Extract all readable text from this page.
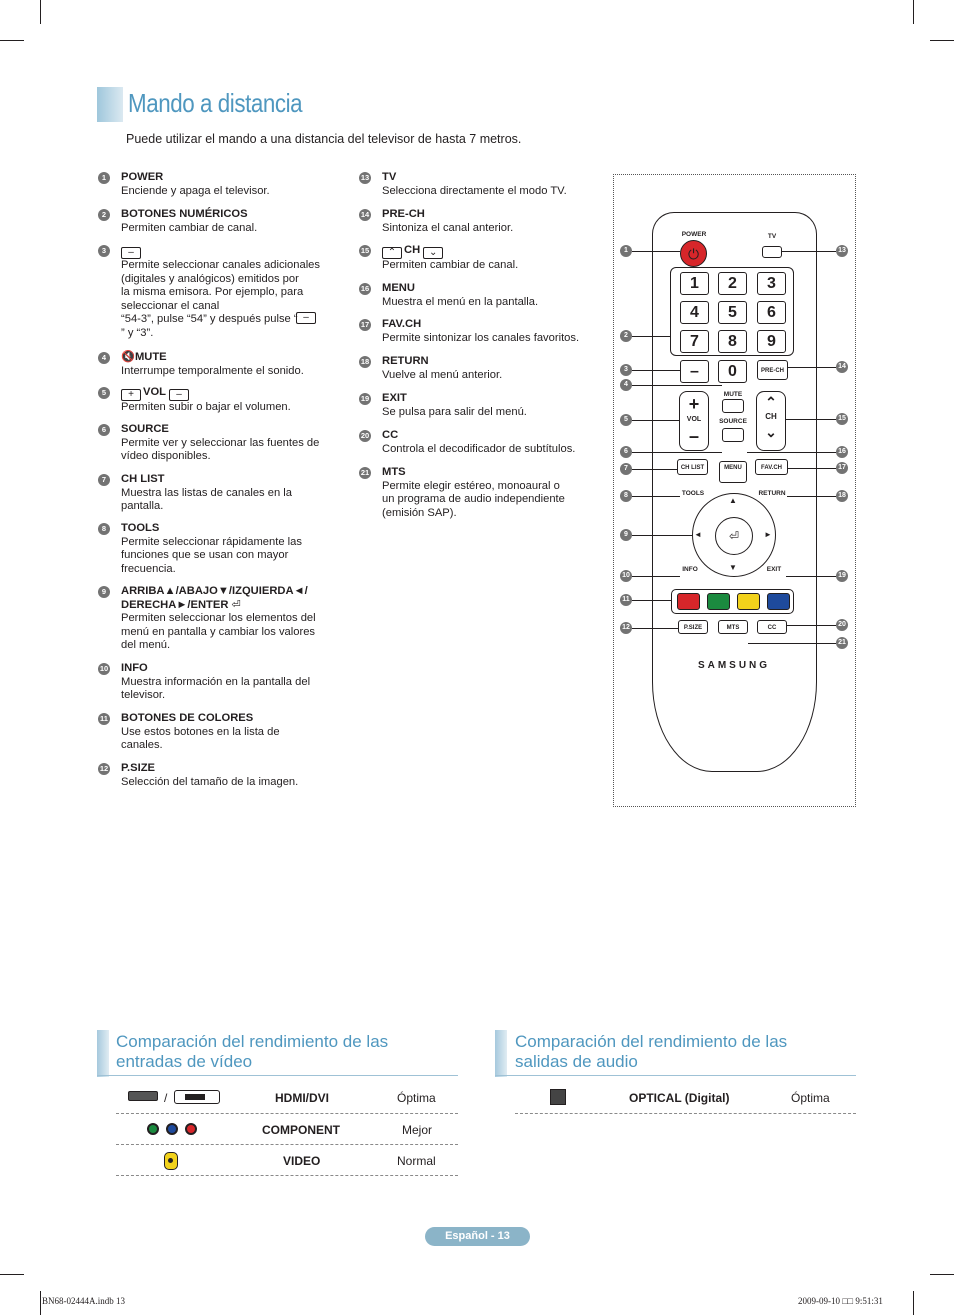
Mando a distancia

Puede utilizar el mando a una distancia del televisor de hasta 7 metros.

1	POWER
Enciende y apaga el televisor.
2	BOTONES NUMÉRICOS
Permiten cambiar de canal.
3	–
Permite seleccionar canales adicionales
(digitales y analógicos) emitidos por
la misma emisora. Por ejemplo, para
seleccionar el canal
“54-3”, pulse “54” y después pulse “
” y “3”.
–
4	🔇MUTE
Interrumpe temporalmente el sonido.
5	+ VOL –
Permiten subir o bajar el volumen.
6	SOURCE
Permite ver y seleccionar las fuentes de
vídeo disponibles.
7	CH LIST
Muestra las listas de canales en la
pantalla.
8	TOOLS
Permite seleccionar rápidamente las
funciones que se usan con mayor
frecuencia.
9	ARRIBA▲/ABAJO▼/IZQUIERDA◄/
DERECHA►/ENTER ⏎
Permiten seleccionar los elementos del
menú en pantalla y cambiar los valores
del menú.
10 INFO
Muestra información en la pantalla del
televisor.
11 BOTONES DE COLORES
Use estos botones en la lista de
canales.
12 P.SIZE
Selección del tamaño de la imagen.
13 TV
Selecciona directamente el modo TV.
14 PRE-CH
Sintoniza el canal anterior.
15	⌃ CH ⌄
Permiten cambiar de canal.
16 MENU
Muestra el menú en la pantalla.
17 FAV.CH
Permite sintonizar los canales favoritos.
18 RETURN
Vuelve al menú anterior.
19 EXIT
Se pulsa para salir del menú.
20 CC
Controla el decodificador de subtítulos.
21 MTS
Permite elegir estéreo, monoaural o
un programa de audio independiente
(emisión SAP).
POWER
⏻
TV
1	2	3
4	5	6
7	8	9
0
–	PRE-CH
+
VOL
–
⌃
CH
⌄
MUTE
SOURCE
CH LIST	MENU	FAV.CH
TOOLS	RETURN
⏎
▲
▼
◄	►
INFO	EXIT
P.SIZE	MTS	CC
SAMSUNG
1
2
3
4
5
6
7
8
9
10
11
12
13
14
15
16
17
18
19
20
21
Comparación del rendimiento de las
entradas de vídeo
/	HDMI/DVI	Óptima
COMPONENT	Mejor
VIDEO	Normal
Comparación del rendimiento de las
salidas de audio
OPTICAL (Digital)	Óptima
Español - 13
BN68-02444A.indb 13	2009-09-10 □□ 9:51:31
